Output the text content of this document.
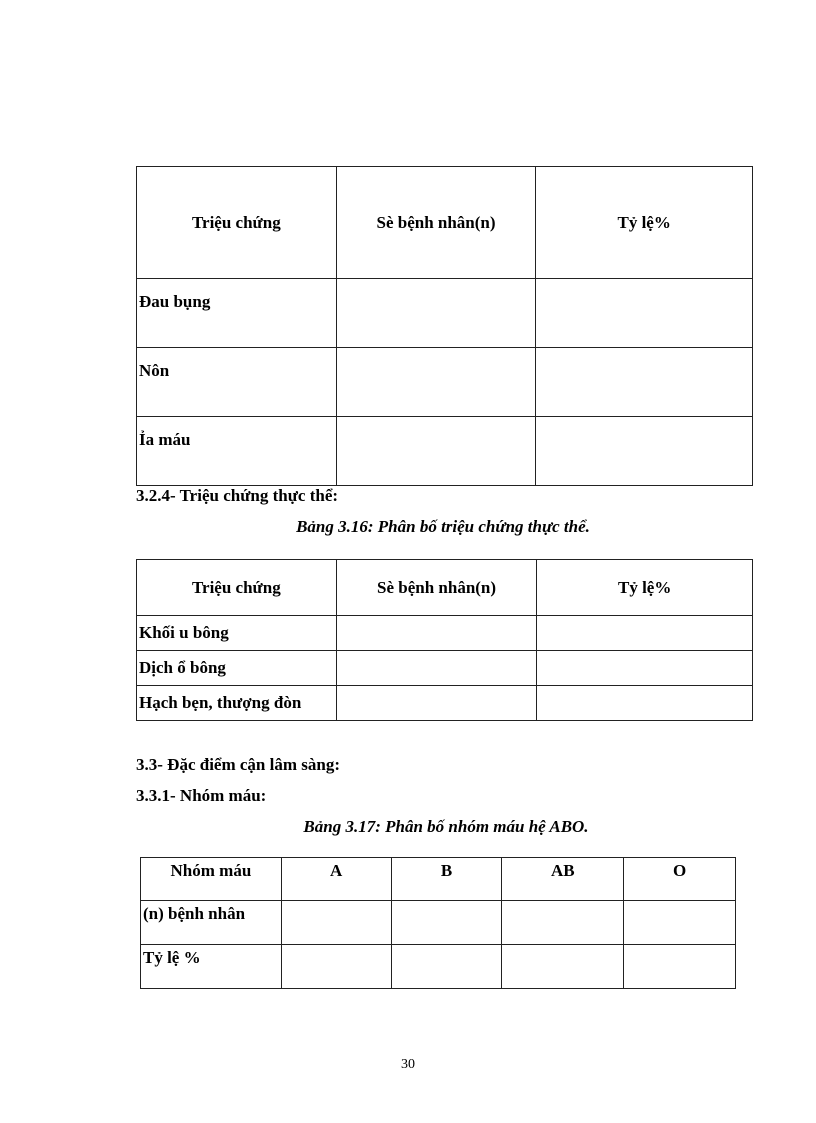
Triệu chứng	Sè bệnh nhân(n)	Tỷ lệ%
Đau bụng		
Nôn		
Ỉa máu		
3.2.4- Triệu chứng thực thể:
Bảng 3.16: Phân bố triệu chứng thực thể.
Triệu chứng	Sè bệnh nhân(n)	Tỷ lệ%
Khối u bông		
Dịch ổ bông		
Hạch bẹn, thượng đòn		
3.3- Đặc điểm cận lâm sàng:
3.3.1- Nhóm máu:
Bảng 3.17: Phân bố nhóm máu hệ ABO.
Nhóm máu	A	B	AB	O
(n) bệnh nhân				
Tỷ lệ %				
30
